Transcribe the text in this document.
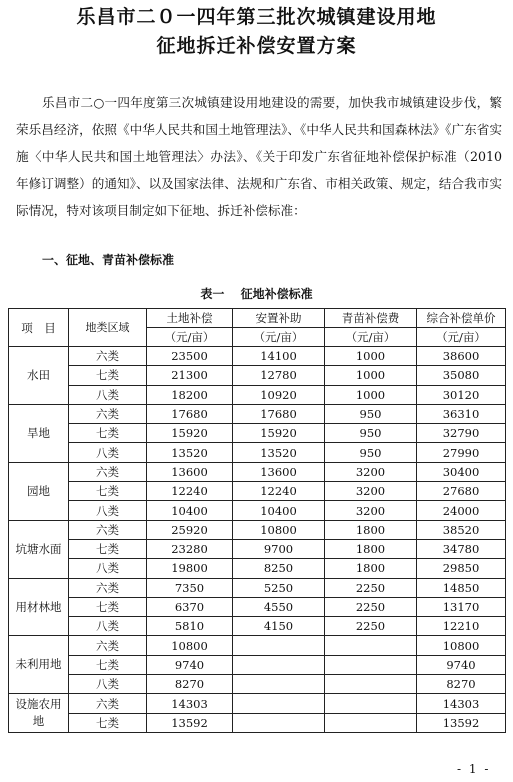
乐昌市二０一四年第三批次城镇建设用地
征地拆迁补偿安置方案
乐昌市二○一四年度第三次城镇建设用地建设的需要，加快我市城镇建设步伐，繁荣乐昌经济，依照《中华人民共和国土地管理法》、《中华人民共和国森林法》《广东省实施〈中华人民共和国土地管理法〉办法》、《关于印发广东省征地补偿保护标准（2010 年修订调整）的通知》、以及国家法律、法规和广东省、市相关政策、规定，结合我市实际情况，特对该项目制定如下征地、拆迁补偿标准：
一、征地、青苗补偿标准
表一 征地补偿标准
项　目	地类区域	土地补偿	安置补助	青苗补偿费	综合补偿单价
		（元/亩）	（元/亩）	（元/亩）	（元/亩）
水田	六类	23500	14100	1000	38600
	七类	21300	12780	1000	35080
	八类	18200	10920	1000	30120
旱地	六类	17680	17680	950	36310
	七类	15920	15920	950	32790
	八类	13520	13520	950	27990
园地	六类	13600	13600	3200	30400
	七类	12240	12240	3200	27680
	八类	10400	10400	3200	24000
坑塘水面	六类	25920	10800	1800	38520
	七类	23280	9700	1800	34780
	八类	19800	8250	1800	29850
用材林地	六类	7350	5250	2250	14850
	七类	6370	4550	2250	13170
	八类	5810	4150	2250	12210
未利用地	六类	10800			10800
	七类	9740			9740
	八类	8270			8270
设施农用地	六类	14303			14303
	七类	13592			13592
- 1 -
